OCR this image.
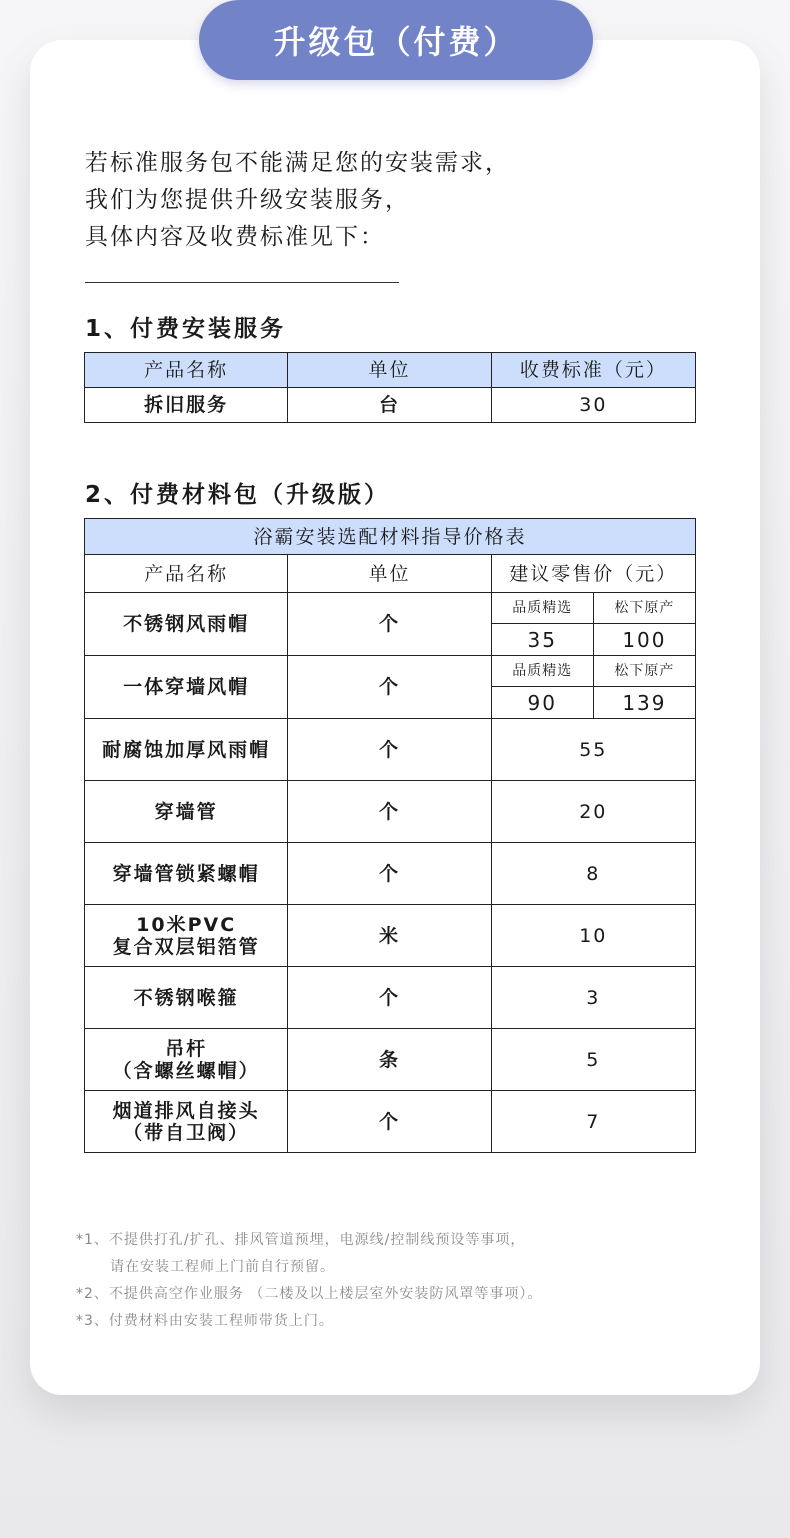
升级包（付费）
若标准服务包不能满足您的安装需求，
我们为您提供升级安装服务，
具体内容及收费标准见下：
1、付费安装服务
产品名称	单位	收费标准（元）
拆旧服务	台	30
2、付费材料包（升级版）
浴霸安装选配材料指导价格表
产品名称	单位	建议零售价（元）
不锈钢风雨帽	个	
品质精选	松下原产
35	100

一体穿墙风帽	个	
品质精选	松下原产
90	139

耐腐蚀加厚风雨帽	个	55

穿墙管	个	20

穿墙管锁紧螺帽	个	8

10米PVC
复合双层铝箔管	米	10

不锈钢喉箍	个	3

吊杆
（含螺丝螺帽）	条	5

烟道排风自接头
（带自卫阀）	个	7
*1、不提供打孔/扩孔、排风管道预埋，电源线/控制线预设等事项，
请在安装工程师上门前自行预留。
*2、不提供高空作业服务 （二楼及以上楼层室外安装防风罩等事项）。
*3、付费材料由安装工程师带货上门。
